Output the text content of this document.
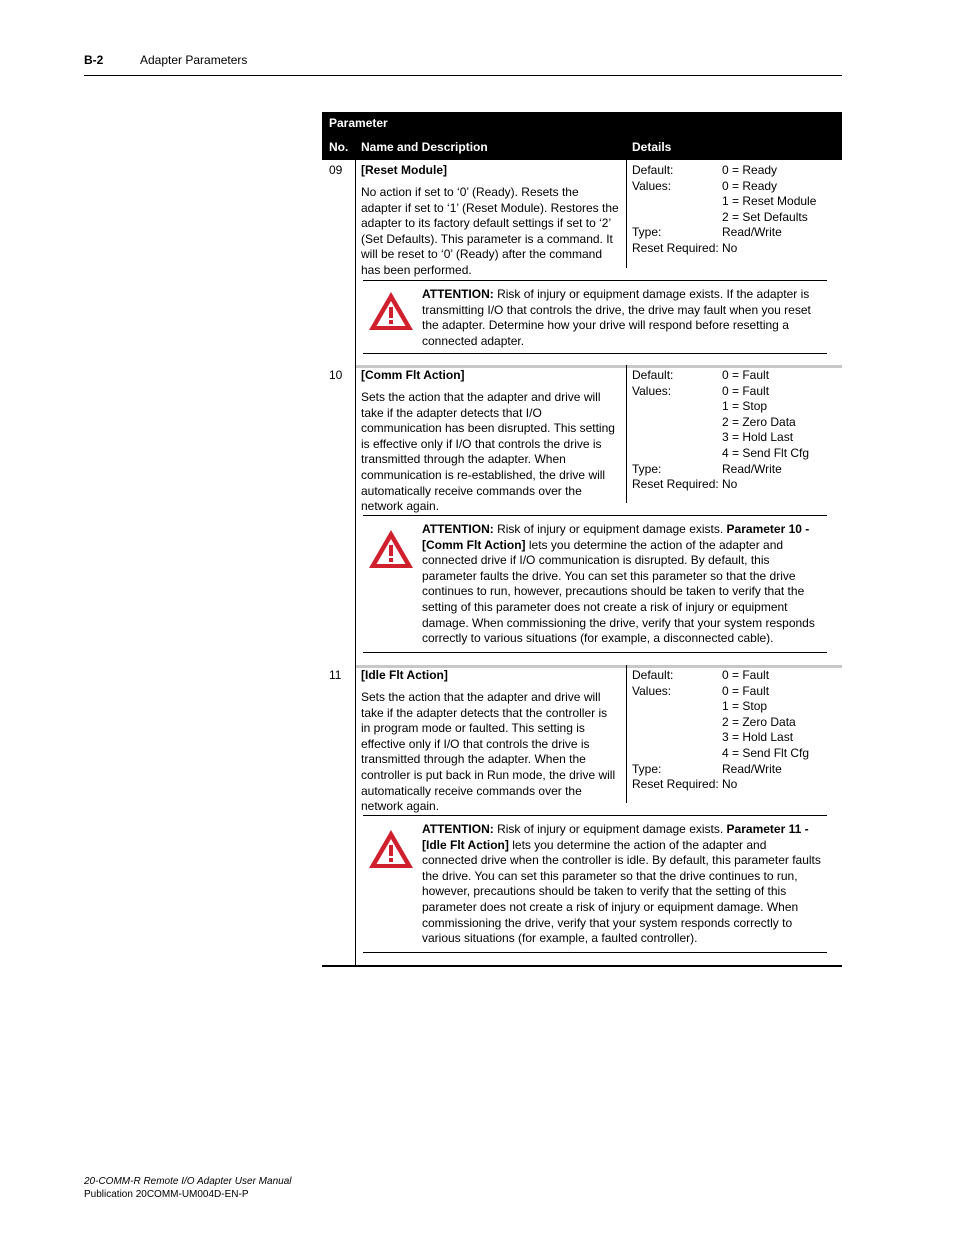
B-2	Adapter Parameters
Parameter
No. Name and Description	Details
09 [Reset Module]
No action if set to ‘0’ (Ready). Resets the adapter if set to ‘1’ (Reset Module). Restores the adapter to its factory default settings if set to ‘2’ (Set Defaults). This parameter is a command. It will be reset to ‘0’ (Ready) after the command has been performed.
Default:	0 = Ready
Values:	0 = Ready
1 = Reset Module
2 = Set Defaults
Type:	Read/Write
Reset Required: No
ATTENTION: Risk of injury or equipment damage exists. If the adapter is transmitting I/O that controls the drive, the drive may fault when you reset the adapter. Determine how your drive will respond before resetting a connected adapter.
10 [Comm Flt Action]
Sets the action that the adapter and drive will take if the adapter detects that I/O communication has been disrupted. This setting is effective only if I/O that controls the drive is transmitted through the adapter. When communication is re-established, the drive will automatically receive commands over the network again.
Default:	0 = Fault
Values:	0 = Fault
1 = Stop
2 = Zero Data
3 = Hold Last
4 = Send Flt Cfg
Type:	Read/Write
Reset Required: No
ATTENTION: Risk of injury or equipment damage exists. Parameter 10 - [Comm Flt Action] lets you determine the action of the adapter and connected drive if I/O communication is disrupted. By default, this parameter faults the drive. You can set this parameter so that the drive continues to run, however, precautions should be taken to verify that the setting of this parameter does not create a risk of injury or equipment damage. When commissioning the drive, verify that your system responds correctly to various situations (for example, a disconnected cable).
11 [Idle Flt Action]
Sets the action that the adapter and drive will take if the adapter detects that the controller is in program mode or faulted. This setting is effective only if I/O that controls the drive is transmitted through the adapter. When the controller is put back in Run mode, the drive will automatically receive commands over the network again.
Default:	0 = Fault
Values:	0 = Fault
1 = Stop
2 = Zero Data
3 = Hold Last
4 = Send Flt Cfg
Type:	Read/Write
Reset Required: No
ATTENTION: Risk of injury or equipment damage exists. Parameter 11 - [Idle Flt Action] lets you determine the action of the adapter and connected drive when the controller is idle. By default, this parameter faults the drive. You can set this parameter so that the drive continues to run, however, precautions should be taken to verify that the setting of this parameter does not create a risk of injury or equipment damage. When commissioning the drive, verify that your system responds correctly to various situations (for example, a faulted controller).
20-COMM-R Remote I/O Adapter User Manual
Publication 20COMM-UM004D-EN-P
